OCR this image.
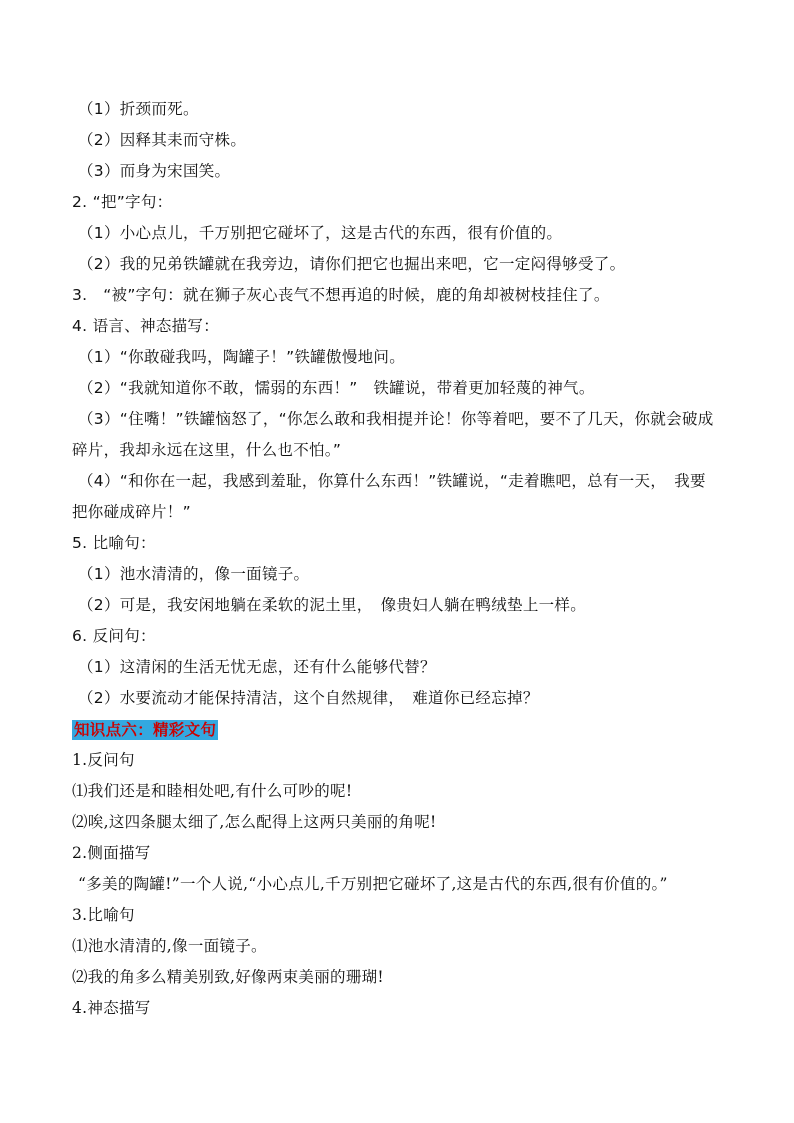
（1）折颈而死。
（2）因释其耒而守株。
（3）而身为宋国笑。
2. “把”字句：
（1）小心点儿，千万别把它碰坏了，这是古代的东西，很有价值的。
（2）我的兄弟铁罐就在我旁边，请你们把它也掘出来吧，它一定闷得够受了。
3.　“被”字句：就在狮子灰心丧气不想再追的时候，鹿的角却被树枝挂住了。
4. 语言、神态描写：
（1）“你敢碰我吗，陶罐子！”铁罐傲慢地问。
（2）“我就知道你不敢，懦弱的东西！”　铁罐说，带着更加轻蔑的神气。
（3）“住嘴！”铁罐恼怒了，“你怎么敢和我相提并论！你等着吧，要不了几天，你就会破成
碎片，我却永远在这里，什么也不怕。”
（4）“和你在一起，我感到羞耻，你算什么东西！”铁罐说，“走着瞧吧，总有一天，　我要
把你碰成碎片！”
5. 比喻句：
（1）池水清清的，像一面镜子。
（2）可是，我安闲地躺在柔软的泥土里，　像贵妇人躺在鸭绒垫上一样。
6. 反问句：
（1）这清闲的生活无忧无虑，还有什么能够代替？
（2）水要流动才能保持清洁，这个自然规律，　难道你已经忘掉？
知识点六：精彩文句
1.反问句
⑴我们还是和睦相处吧,有什么可吵的呢!
⑵唉,这四条腿太细了,怎么配得上这两只美丽的角呢!
2.侧面描写
“多美的陶罐!”一个人说,“小心点儿,千万别把它碰坏了,这是古代的东西,很有价值的。”
3.比喻句
⑴池水清清的,像一面镜子。
⑵我的角多么精美别致,好像两束美丽的珊瑚!
4.神态描写
